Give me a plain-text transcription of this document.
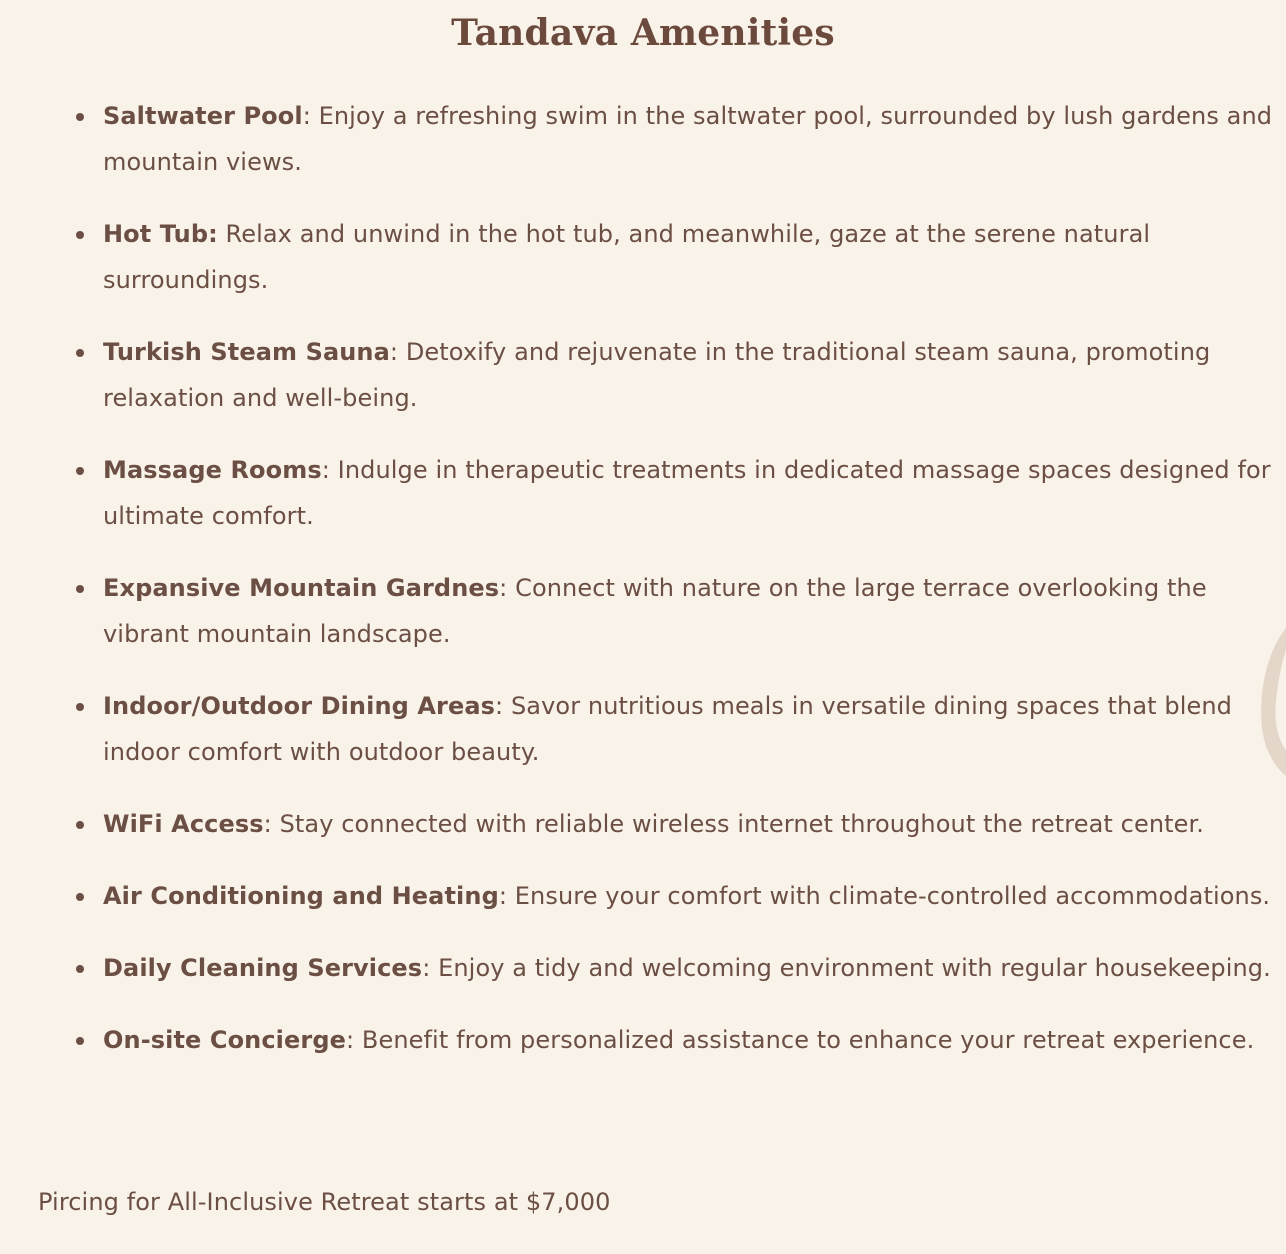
Tandava Amenities
Saltwater Pool: Enjoy a refreshing swim in the saltwater pool, surrounded by lush gardens and mountain views.
Hot Tub: Relax and unwind in the hot tub, and meanwhile, gaze at the serene natural surroundings.
Turkish Steam Sauna: Detoxify and rejuvenate in the traditional steam sauna, promoting relaxation and well-being.
Massage Rooms: Indulge in therapeutic treatments in dedicated massage spaces designed for ultimate comfort.
Expansive Mountain Gardnes: Connect with nature on the large terrace overlooking the vibrant mountain landscape.
Indoor/Outdoor Dining Areas: Savor nutritious meals in versatile dining spaces that blend indoor comfort with outdoor beauty.
WiFi Access: Stay connected with reliable wireless internet throughout the retreat center.
Air Conditioning and Heating: Ensure your comfort with climate-controlled accommodations.
Daily Cleaning Services: Enjoy a tidy and welcoming environment with regular housekeeping.
On-site Concierge: Benefit from personalized assistance to enhance your retreat experience.

Pircing for All-Inclusive Retreat starts at $7,000
